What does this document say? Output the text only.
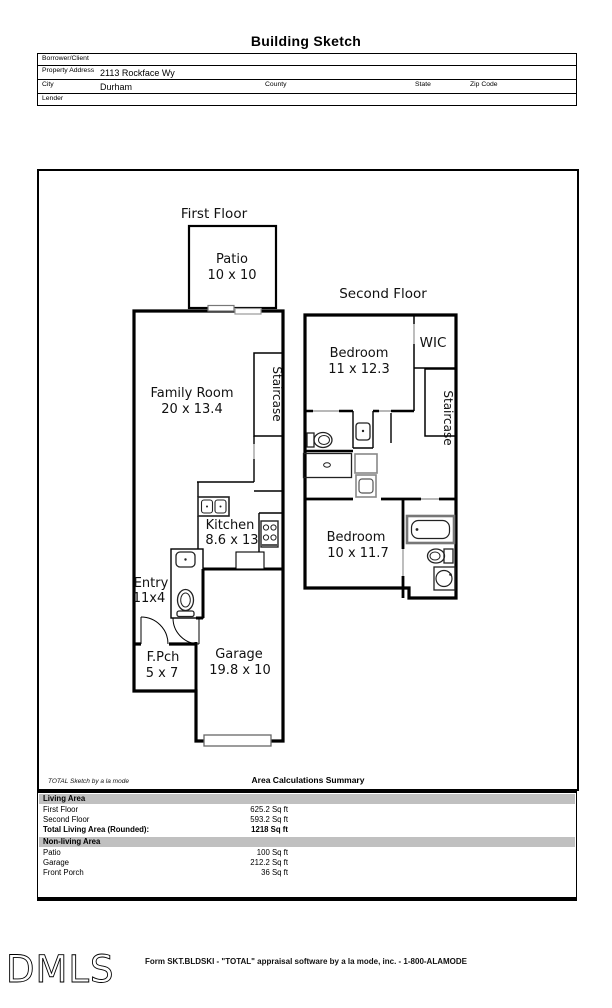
Building Sketch
Borrower/Client
Property Address 2113 Rockface Wy
City	Durham	County	State	Zip Code
Lender
First Floor
Patio
10 x 10
Family Room
20 x 13.4	Staircase
Kitchen
8.6 x 13
Entry
11x4
F.Pch
5 x 7
Garage
19.8 x 10
Second Floor
Bedroom
11 x 12.3
WIC
Staircase
Bedroom
10 x 11.7
TOTAL Sketch by a la mode	Area Calculations Summary
Living Area
First Floor	625.2 Sq ft
Second Floor	593.2 Sq ft
Total Living Area (Rounded):	1218 Sq ft
Non-living Area
Patio	100 Sq ft
Garage	212.2 Sq ft
Front Porch	36 Sq ft
DMLS	Form SKT.BLDSKI - "TOTAL" appraisal software by a la mode, inc. - 1-800-ALAMODE
